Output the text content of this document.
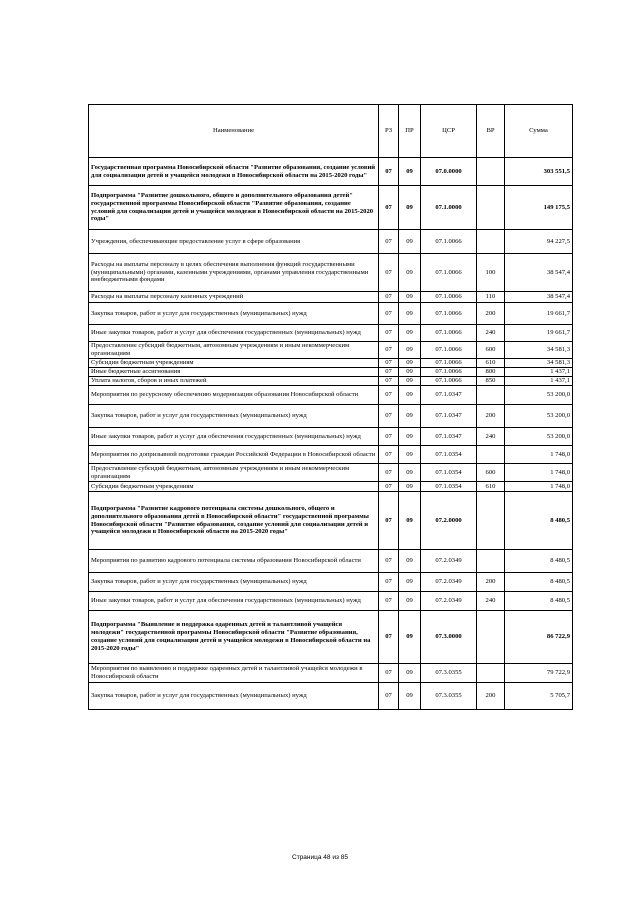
Наименование	РЗ	ПР	ЦСР	ВР	Сумма
Государственная программа Новосибирской области "Развитие образования, создание условий для социализации детей и учащейся молодежи в Новосибирской области на 2015-2020 годы"	07	09	07.0.0000		303 551,5
Подпрограмма "Развитие дошкольного, общего и дополнительного образования детей" государственной программы Новосибирской области "Развитие образования, создание условий для социализации детей и учащейся молодежи в Новосибирской области на 2015-2020 годы"	07	09	07.1.0000		149 175,5
Учреждения, обеспечивающие предоставление услуг в сфере образования	07	09	07.1.0066		94 227,5
Расходы на выплаты персоналу в целях обеспечения выполнения функций государственными (муниципальными) органами, казенными учреждениями, органами управления государственными внебюджетными фондами	07	09	07.1.0066	100	38 547,4
Расходы на выплаты персоналу казенных учреждений	07	09	07.1.0066	110	38 547,4
Закупка товаров, работ и услуг для государственных (муниципальных) нужд	07	09	07.1.0066	200	19 661,7
Иные закупки товаров, работ и услуг для обеспечения государственных (муниципальных) нужд	07	09	07.1.0066	240	19 661,7
Предоставление субсидий бюджетным, автономным учреждениям и иным некоммерческим организациям	07	09	07.1.0066	600	34 581,3
Субсидии бюджетным учреждениям	07	09	07.1.0066	610	34 581,3
Иные бюджетные ассигнования	07	09	07.1.0066	800	1 437,1
Уплата налогов, сборов и иных платежей	07	09	07.1.0066	850	1 437,1
Мероприятия по ресурсному обеспечению модернизации образования Новосибирской области	07	09	07.1.0347		53 200,0
Закупка товаров, работ и услуг для государственных (муниципальных) нужд	07	09	07.1.0347	200	53 200,0
Иные закупки товаров, работ и услуг для обеспечения государственных (муниципальных) нужд	07	09	07.1.0347	240	53 200,0
Мероприятия по допризывной подготовке граждан Российской Федерации в Новосибирской области	07	09	07.1.0354		1 748,0
Предоставление субсидий бюджетным, автономным учреждениям и иным некоммерческим организациям	07	09	07.1.0354	600	1 748,0
Субсидии бюджетным учреждениям	07	09	07.1.0354	610	1 748,0
Подпрограмма "Развитие кадрового потенциала системы дошкольного, общего и дополнительного образования детей в Новосибирской области" государственной программы Новосибирской области "Развитие образования, создание условий для социализации детей и учащейся молодежи в Новосибирской области на 2015-2020 годы"	07	09	07.2.0000		8 480,5
Мероприятия по развитию кадрового потенциала системы образования Новосибирской области	07	09	07.2.0349		8 480,5
Закупка товаров, работ и услуг для государственных (муниципальных) нужд	07	09	07.2.0349	200	8 480,5
Иные закупки товаров, работ и услуг для обеспечения государственных (муниципальных) нужд	07	09	07.2.0349	240	8 480,5
Подпрограмма "Выявление и поддержка одаренных детей и талантливой учащейся молодежи" государственной программы Новосибирской области "Развитие образования, создание условий для социализации детей и учащейся молодежи в Новосибирской области на 2015-2020 годы"	07	09	07.3.0000		86 722,9
Мероприятия по выявлению и поддержке одаренных детей и талантливой учащейся молодежи в Новосибирской области	07	09	07.3.0355		79 722,9
Закупка товаров, работ и услуг для государственных (муниципальных) нужд	07	09	07.3.0355	200	5 705,7
Страница 48 из 85
